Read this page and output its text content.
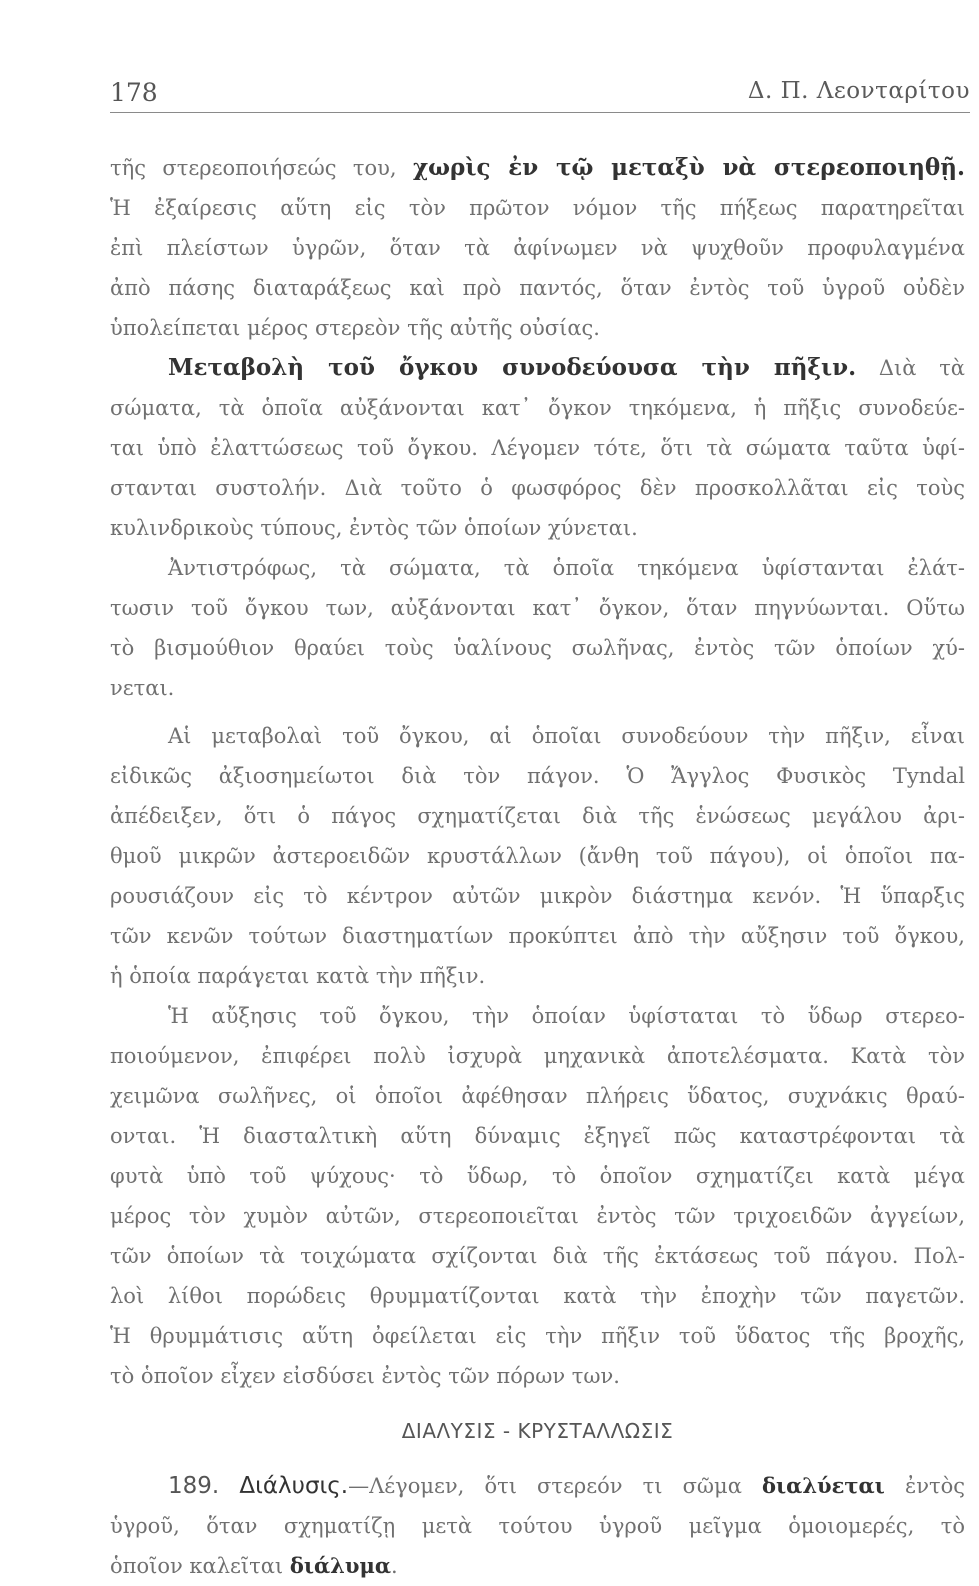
178	Δ. Π. Λεονταρίτου
τῆς στερεοποιήσεώς του, χωρὶς ἐν τῷ μεταξὺ νὰ στερεοποιηθῇ.
Ἡ ἐξαίρεσις αὕτη εἰς τὸν πρῶτον νόμον τῆς πήξεως παρατηρεῖται
ἐπὶ πλείστων ὑγρῶν, ὅταν τὰ ἀφίνωμεν νὰ ψυχθοῦν προφυλαγμένα
ἀπὸ πάσης διαταράξεως καὶ πρὸ παντός, ὅταν ἐντὸς τοῦ ὑγροῦ οὐδὲν
ὑπολείπεται μέρος στερεὸν τῆς αὐτῆς οὐσίας.
Μεταβολὴ τοῦ ὄγκου συνοδεύουσα τὴν πῆξιν. Διὰ τὰ
σώματα, τὰ ὁποῖα αὐξάνονται κατ᾽ ὄγκον τηκόμενα, ἡ πῆξις συνοδεύε-
ται ὑπὸ ἐλαττώσεως τοῦ ὄγκου. Λέγομεν τότε, ὅτι τὰ σώματα ταῦτα ὑφί-
στανται συστολήν. Διὰ τοῦτο ὁ φωσφόρος δὲν προσκολλᾶται εἰς τοὺς
κυλινδρικοὺς τύπους, ἐντὸς τῶν ὁποίων χύνεται.
Ἀντιστρόφως, τὰ σώματα, τὰ ὁποῖα τηκόμενα ὑφίστανται ἐλάτ-
τωσιν τοῦ ὄγκου των, αὐξάνονται κατ᾽ ὄγκον, ὅταν πηγνύωνται. Οὕτω
τὸ βισμούθιον θραύει τοὺς ὑαλίνους σωλῆνας, ἐντὸς τῶν ὁποίων χύ-
νεται.
Αἱ μεταβολαὶ τοῦ ὄγκου, αἱ ὁποῖαι συνοδεύουν τὴν πῆξιν, εἶναι
εἰδικῶς ἀξιοσημείωτοι διὰ τὸν πάγον. Ὁ Ἄγγλος Φυσικὸς Tyndal
ἀπέδειξεν, ὅτι ὁ πάγος σχηματίζεται διὰ τῆς ἑνώσεως μεγάλου ἀρι-
θμοῦ μικρῶν ἀστεροειδῶν κρυστάλλων (ἄνθη τοῦ πάγου), οἱ ὁποῖοι πα-
ρουσιάζουν εἰς τὸ κέντρον αὐτῶν μικρὸν διάστημα κενόν. Ἡ ὕπαρξις
τῶν κενῶν τούτων διαστηματίων προκύπτει ἀπὸ τὴν αὔξησιν τοῦ ὄγκου,
ἡ ὁποία παράγεται κατὰ τὴν πῆξιν.
Ἡ αὔξησις τοῦ ὄγκου, τὴν ὁποίαν ὑφίσταται τὸ ὕδωρ στερεο-
ποιούμενον, ἐπιφέρει πολὺ ἰσχυρὰ μηχανικὰ ἀποτελέσματα. Κατὰ τὸν
χειμῶνα σωλῆνες, οἱ ὁποῖοι ἀφέθησαν πλήρεις ὕδατος, συχνάκις θραύ-
ονται. Ἡ διασταλτικὴ αὕτη δύναμις ἐξηγεῖ πῶς καταστρέφονται τὰ
φυτὰ ὑπὸ τοῦ ψύχους· τὸ ὕδωρ, τὸ ὁποῖον σχηματίζει κατὰ μέγα
μέρος τὸν χυμὸν αὐτῶν, στερεοποιεῖται ἐντὸς τῶν τριχοειδῶν ἀγγείων,
τῶν ὁποίων τὰ τοιχώματα σχίζονται διὰ τῆς ἐκτάσεως τοῦ πάγου. Πολ-
λοὶ λίθοι πορώδεις θρυμματίζονται κατὰ τὴν ἐποχὴν τῶν παγετῶν.
Ἡ θρυμμάτισις αὕτη ὀφείλεται εἰς τὴν πῆξιν τοῦ ὕδατος τῆς βροχῆς,
τὸ ὁποῖον εἶχεν εἰσδύσει ἐντὸς τῶν πόρων των.
ΔΙΑΛΥΣΙΣ - ΚΡΥΣΤΑΛΛΩΣΙΣ
189. Διάλυσις.—Λέγομεν, ὅτι στερεόν τι σῶμα διαλύεται ἐντὸς
ὑγροῦ, ὅταν σχηματίζῃ μετὰ τούτου ὑγροῦ μεῖγμα ὁμοιομερές, τὸ
ὁποῖον καλεῖται διάλυμα.
